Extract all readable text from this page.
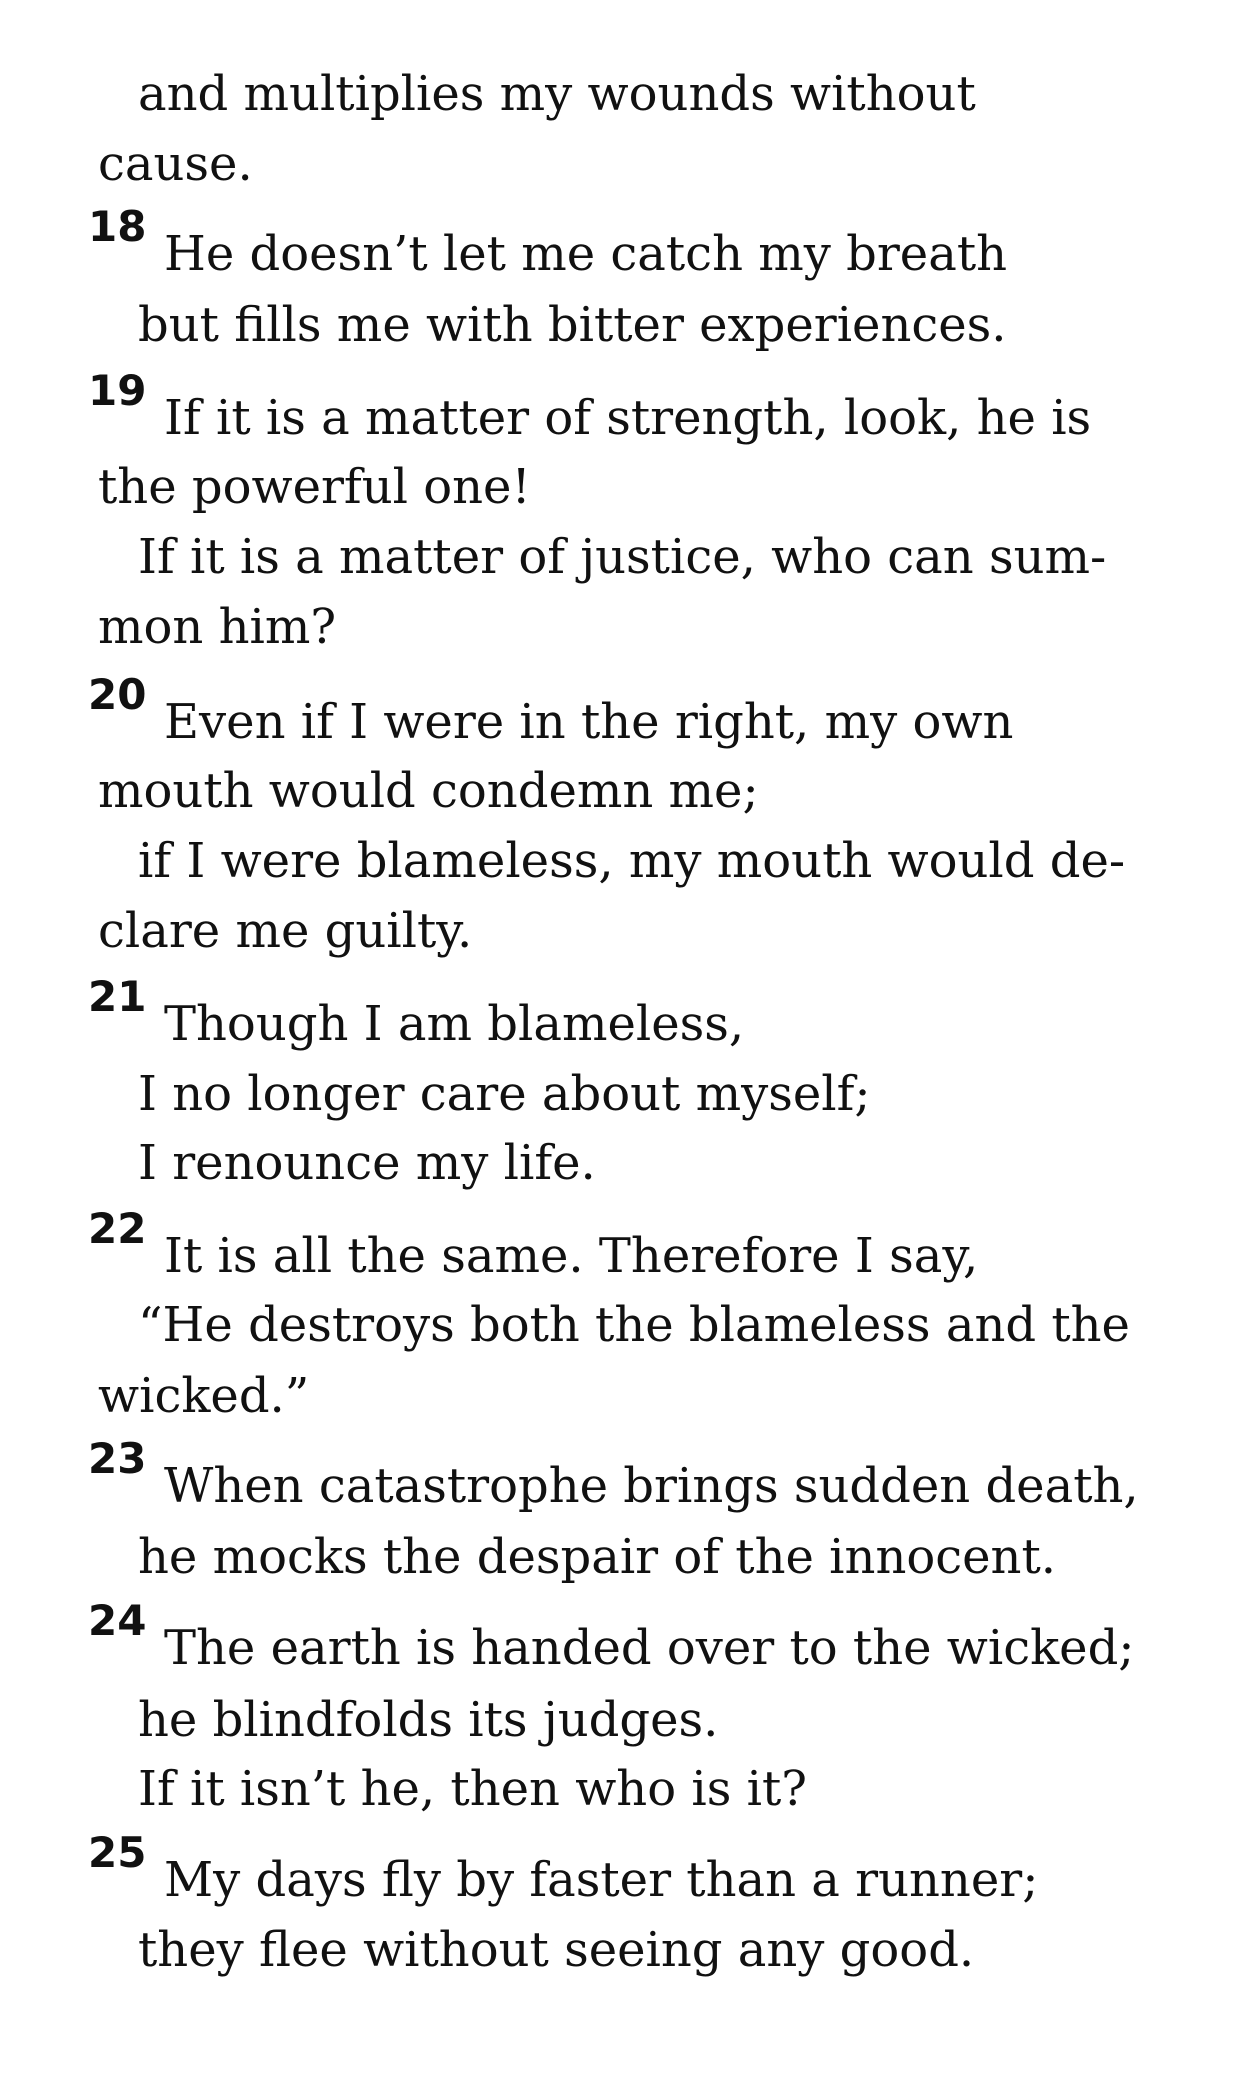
and multiplies my wounds without
cause.
18 He doesn’t let me catch my breath
but fills me with bitter experiences.
19 If it is a matter of strength, look, he is
the powerful one!
If it is a matter of justice, who can sum-
mon him?
20 Even if I were in the right, my own
mouth would condemn me;
if I were blameless, my mouth would de-
clare me guilty.
21 Though I am blameless,
I no longer care about myself;
I renounce my life.
22 It is all the same. Therefore I say,
“He destroys both the blameless and the
wicked.”
23 When catastrophe brings sudden death,
he mocks the despair of the innocent.
24 The earth is handed over to the wicked;
he blindfolds its judges.
If it isn’t he, then who is it?
25 My days fly by faster than a runner;
they flee without seeing any good.
